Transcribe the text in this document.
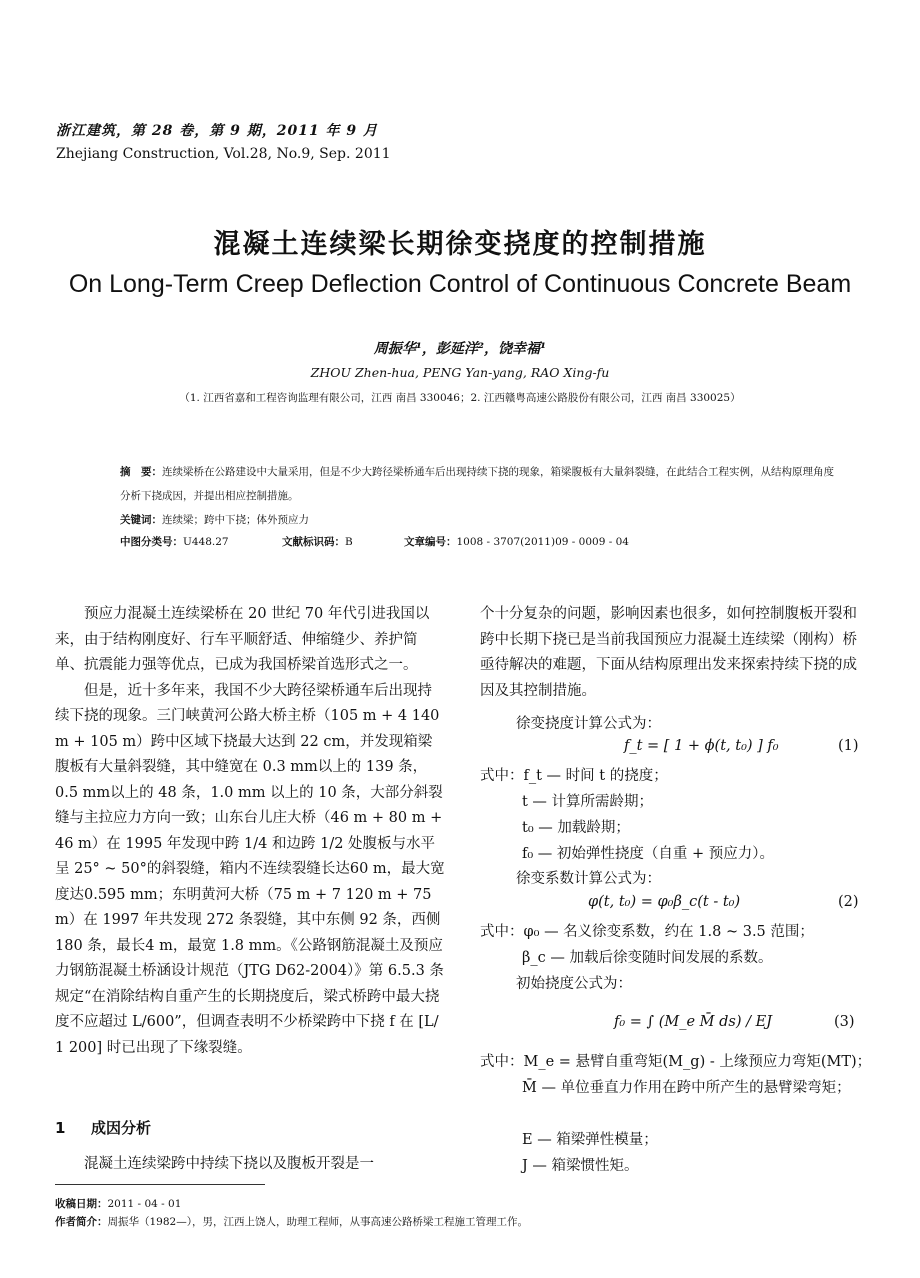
浙江建筑，第 28 卷，第 9 期，2011 年 9 月
Zhejiang Construction, Vol.28, No.9, Sep. 2011
混凝土连续梁长期徐变挠度的控制措施
On Long-Term Creep Deflection Control of Continuous Concrete Beam
周振华¹，彭延洋²，饶幸福¹
ZHOU Zhen-hua, PENG Yan-yang, RAO Xing-fu
（1. 江西省嘉和工程咨询监理有限公司，江西 南昌 330046；2. 江西赣粤高速公路股份有限公司，江西 南昌 330025）
摘　要：连续梁桥在公路建设中大量采用，但是不少大跨径梁桥通车后出现持续下挠的现象，箱梁腹板有大量斜裂缝，在此结合工程实例，从结构原理角度分析下挠成因，并提出相应控制措施。
关键词：连续梁；跨中下挠；体外预应力
中图分类号：U448.27	文献标识码：B	文章编号：1008 - 3707(2011)09 - 0009 - 04

预应力混凝土连续梁桥在 20 世纪 70 年代引进我国以来，由于结构刚度好、行车平顺舒适、伸缩缝少、养护简单、抗震能力强等优点，已成为我国桥梁首选形式之一。

但是，近十多年来，我国不少大跨径梁桥通车后出现持续下挠的现象。三门峡黄河公路大桥主桥（105 m + 4 140 m + 105 m）跨中区域下挠最大达到 22 cm，并发现箱梁腹板有大量斜裂缝，其中缝宽在 0.3 mm以上的 139 条，0.5 mm以上的 48 条，1.0 mm 以上的 10 条，大部分斜裂缝与主拉应力方向一致；山东台儿庄大桥（46 m + 80 m + 46 m）在 1995 年发现中跨 1/4 和边跨 1/2 处腹板与水平呈 25° ~ 50°的斜裂缝，箱内不连续裂缝长达60 m，最大宽度达0.595 mm；东明黄河大桥（75 m + 7 120 m + 75 m）在 1997 年共发现 272 条裂缝，其中东侧 92 条，西侧 180 条，最长4 m，最宽 1.8 mm。《公路钢筋混凝土及预应力钢筋混凝土桥涵设计规范（JTG D62-2004）》第 6.5.3 条规定“在消除结构自重产生的长期挠度后，梁式桥跨中最大挠度不应超过 L/600”，但调查表明不少桥梁跨中下挠 f 在 [L/ 1 200] 时已出现了下缘裂缝。

1 成因分析

混凝土连续梁跨中持续下挠以及腹板开裂是一

个十分复杂的问题，影响因素也很多，如何控制腹板开裂和跨中长期下挠已是当前我国预应力混凝土连续梁（刚构）桥亟待解决的难题，下面从结构原理出发来探索持续下挠的成因及其控制措施。

徐变挠度计算公式为：
f_t = [ 1 + ϕ(t, t₀) ] f₀	(1)
式中：f_t — 时间 t 的挠度；
t — 计算所需龄期；
t₀ — 加载龄期；
f₀ — 初始弹性挠度（自重 + 预应力）。
徐变系数计算公式为：
φ(t, t₀) = φ₀β_c(t - t₀)	(2)
式中：φ₀ — 名义徐变系数，约在 1.8 ~ 3.5 范围；
β_c — 加载后徐变随时间发展的系数。
初始挠度公式为：
f₀ = ∫ (M_e M̄ ds) / EJ	(3)
式中：M_e = 悬臂自重弯矩(M_g) - 上缘预应力弯矩(MT)；
M̄ — 单位垂直力作用在跨中所产生的悬臂梁弯矩；
E — 箱梁弹性模量；
J — 箱梁惯性矩。
收稿日期：2011 - 04 - 01
作者简介：周振华（1982—），男，江西上饶人，助理工程师，从事高速公路桥梁工程施工管理工作。
